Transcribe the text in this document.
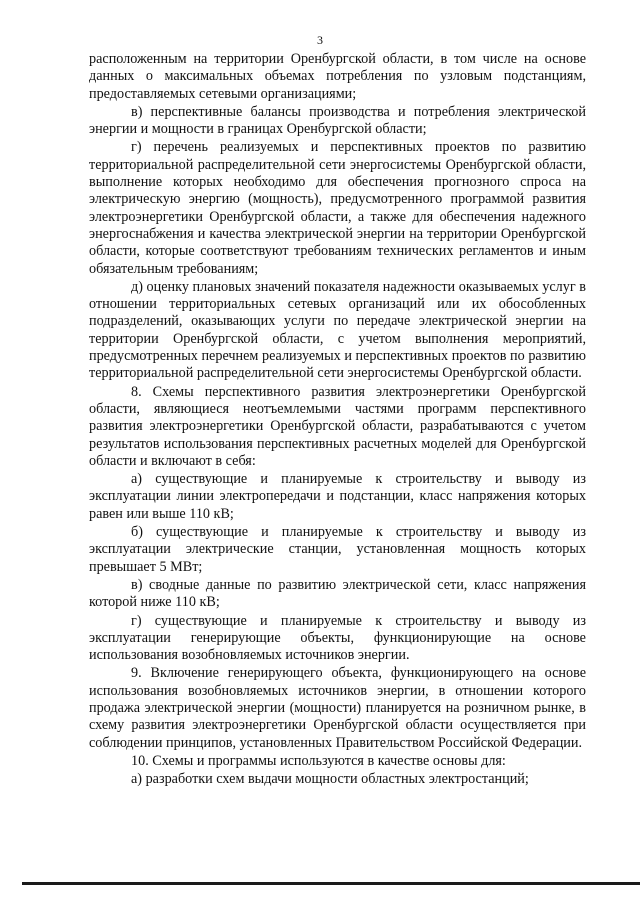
3

расположенным на территории Оренбургской области, в том числе на основе данных о максимальных объемах потребления по узловым подстанциям, предоставляемых сетевыми организациями;

в) перспективные балансы производства и потребления электрической энергии и мощности в границах Оренбургской области;

г) перечень реализуемых и перспективных проектов по развитию территориальной распределительной сети энергосистемы Оренбургской области, выполнение которых необходимо для обеспечения прогнозного спроса на электрическую энергию (мощность), предусмотренного программой развития электроэнергетики Оренбургской области, а также для обеспечения надежного энергоснабжения и качества электрической энергии на территории Оренбургской области, которые соответствуют требованиям технических регламентов и иным обязательным требованиям;

д) оценку плановых значений показателя надежности оказываемых услуг в отношении территориальных сетевых организаций или их обособленных подразделений, оказывающих услуги по передаче электрической энергии на территории Оренбургской области, с учетом выполнения мероприятий, предусмотренных перечнем реализуемых и перспективных проектов по развитию территориальной распределительной сети энергосистемы Оренбургской области.

8. Схемы перспективного развития электроэнергетики Оренбургской области, являющиеся неотъемлемыми частями программ перспективного развития электроэнергетики Оренбургской области, разрабатываются с учетом результатов использования перспективных расчетных моделей для Оренбургской области и включают в себя:

а) существующие и планируемые к строительству и выводу из эксплуатации линии электропередачи и подстанции, класс напряжения которых равен или выше 110 кВ;

б) существующие и планируемые к строительству и выводу из эксплуатации электрические станции, установленная мощность которых превышает 5 МВт;

в) сводные данные по развитию электрической сети, класс напряжения которой ниже 110 кВ;

г) существующие и планируемые к строительству и выводу из эксплуатации генерирующие объекты, функционирующие на основе использования возобновляемых источников энергии.

9. Включение генерирующего объекта, функционирующего на основе использования возобновляемых источников энергии, в отношении которого продажа электрической энергии (мощности) планируется на розничном рынке, в схему развития электроэнергетики Оренбургской области осуществляется при соблюдении принципов, установленных Правительством Российской Федерации.

10. Схемы и программы используются в качестве основы для:

а) разработки схем выдачи мощности областных электростанций;
